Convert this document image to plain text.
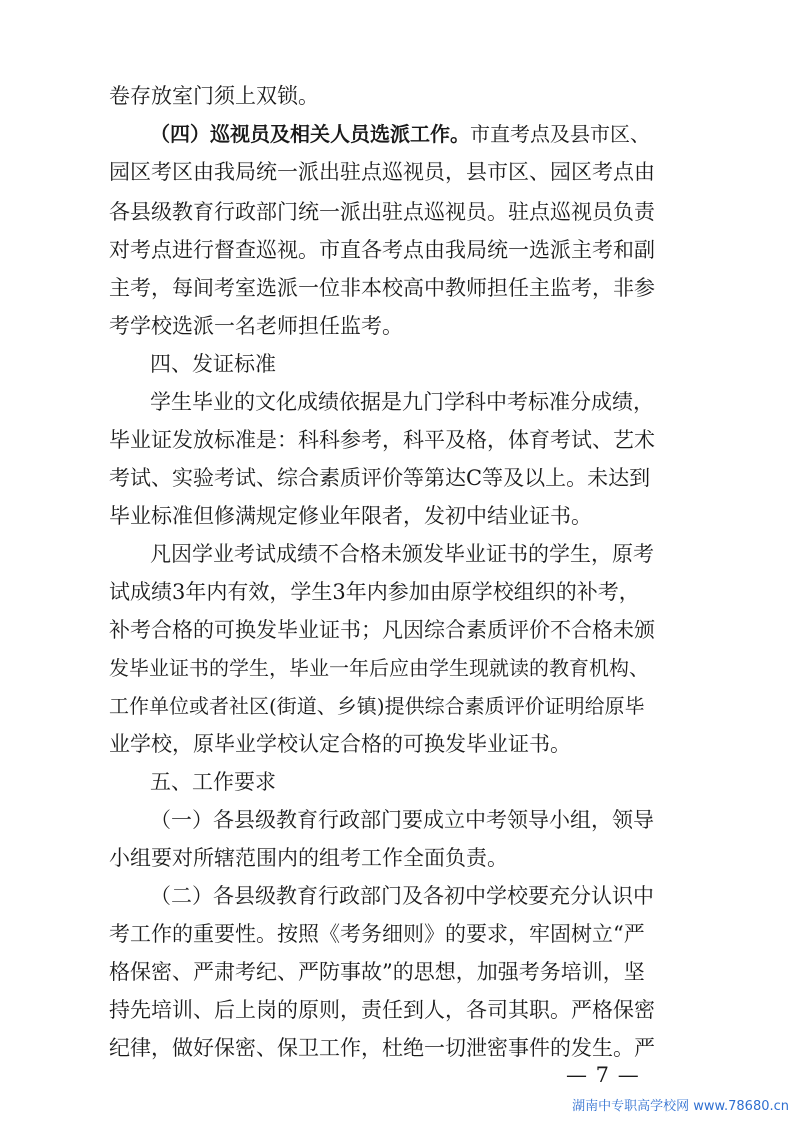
卷存放室门须上双锁。
（四）巡视员及相关人员选派工作。市直考点及县市区、
园区考区由我局统一派出驻点巡视员，县市区、园区考点由
各县级教育行政部门统一派出驻点巡视员。驻点巡视员负责
对考点进行督查巡视。市直各考点由我局统一选派主考和副
主考，每间考室选派一位非本校高中教师担任主监考，非参
考学校选派一名老师担任监考。
四、发证标准
学生毕业的文化成绩依据是九门学科中考标准分成绩，
毕业证发放标准是：科科参考，科平及格，体育考试、艺术
考试、实验考试、综合素质评价等第达C等及以上。未达到
毕业标准但修满规定修业年限者，发初中结业证书。
凡因学业考试成绩不合格未颁发毕业证书的学生，原考
试成绩3年内有效，学生3年内参加由原学校组织的补考，
补考合格的可换发毕业证书；凡因综合素质评价不合格未颁
发毕业证书的学生，毕业一年后应由学生现就读的教育机构、
工作单位或者社区(街道、乡镇)提供综合素质评价证明给原毕
业学校，原毕业学校认定合格的可换发毕业证书。
五、工作要求
（一）各县级教育行政部门要成立中考领导小组，领导
小组要对所辖范围内的组考工作全面负责。
（二）各县级教育行政部门及各初中学校要充分认识中
考工作的重要性。按照《考务细则》的要求，牢固树立“严
格保密、严肃考纪、严防事故”的思想，加强考务培训，坚
持先培训、后上岗的原则，责任到人，各司其职。严格保密
纪律，做好保密、保卫工作，杜绝一切泄密事件的发生。严
— 7 —
湖南中专职高学校网 www.78680.cn
